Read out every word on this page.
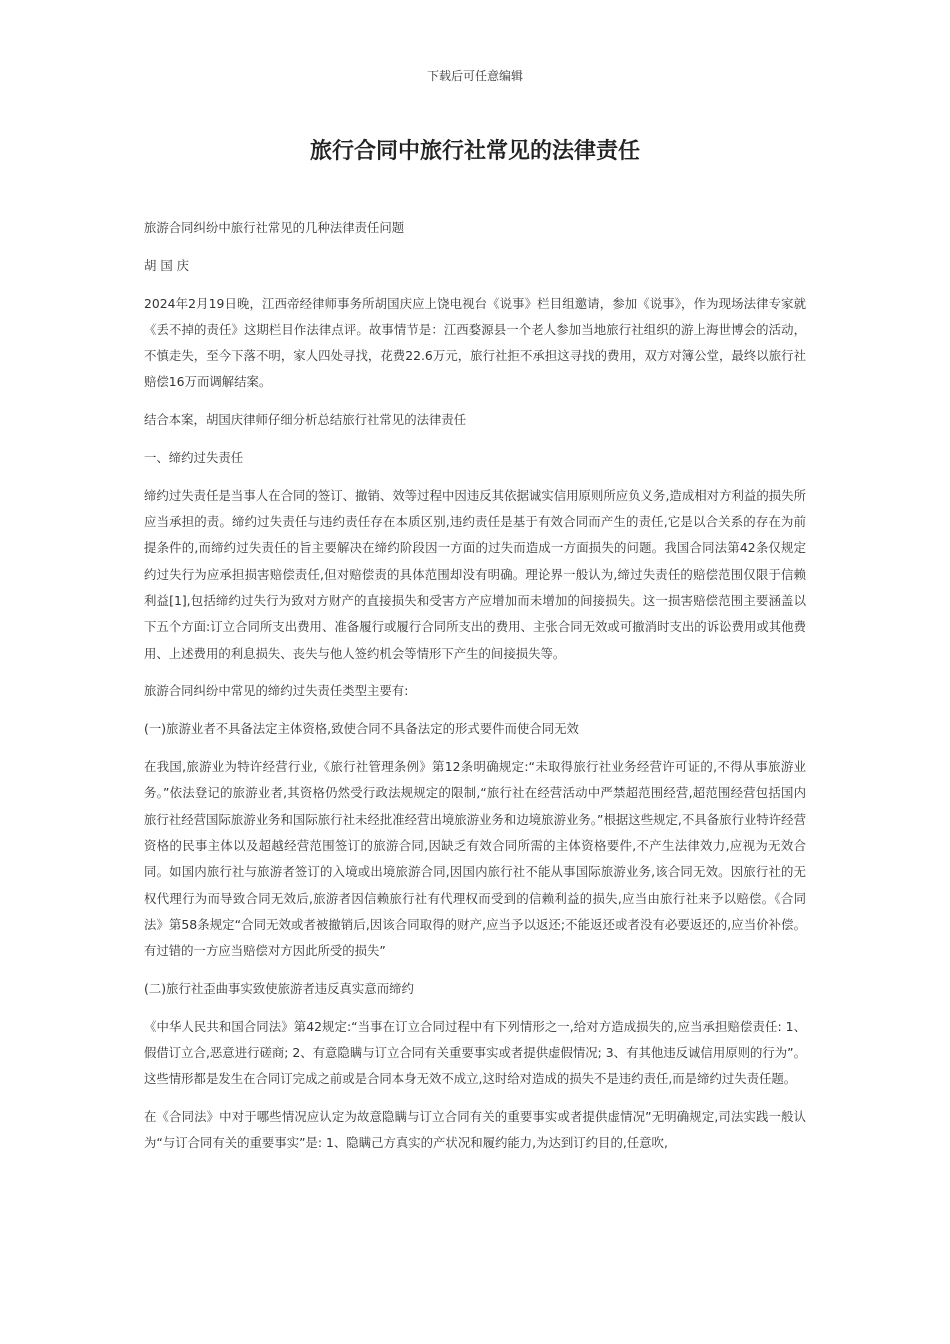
下载后可任意编辑
旅行合同中旅行社常见的法律责任

旅游合同纠纷中旅行社常见的几种法律责任问题

胡 国 庆

2024年2月19日晚，江西帝经律师事务所胡国庆应上饶电视台《说事》栏目组邀请，参加《说事》，作为现场法律专家就《丢不掉的责任》这期栏目作法律点评。故事情节是：江西婺源县一个老人参加当地旅行社组织的游上海世博会的活动，不慎走失，至今下落不明，家人四处寻找，花费22.6万元，旅行社拒不承担这寻找的费用，双方对簿公堂，最终以旅行社赔偿16万而调解结案。

结合本案，胡国庆律师仔细分析总结旅行社常见的法律责任

一、缔约过失责任

缔约过失责任是当事人在合同的签订、撤销、效等过程中因违反其依据诚实信用原则所应负义务,造成相对方利益的损失所应当承担的责。缔约过失责任与违约责任存在本质区别,违约责任是基于有效合同而产生的责任,它是以合关系的存在为前提条件的,而缔约过失责任的旨主要解决在缔约阶段因一方面的过失而造成一方面损失的问题。我国合同法第42条仅规定约过失行为应承担损害赔偿责任,但对赔偿责的具体范围却没有明确。理论界一般认为,缔过失责任的赔偿范围仅限于信赖利益[1],包括缔约过失行为致对方财产的直接损失和受害方产应增加而未增加的间接损失。这一损害赔偿范围主要涵盖以下五个方面:订立合同所支出费用、准备履行或履行合同所支出的费用、主张合同无效或可撤消时支出的诉讼费用或其他费用、上述费用的利息损失、丧失与他人签约机会等情形下产生的间接损失等。

旅游合同纠纷中常见的缔约过失责任类型主要有:

(一)旅游业者不具备法定主体资格,致使合同不具备法定的形式要件而使合同无效

在我国,旅游业为特许经营行业,《旅行社管理条例》第12条明确规定:“未取得旅行社业务经营许可证的,不得从事旅游业务。”依法登记的旅游业者,其资格仍然受行政法规规定的限制,“旅行社在经营活动中严禁超范围经营,超范围经营包括国内旅行社经营国际旅游业务和国际旅行社未经批准经营出境旅游业务和边境旅游业务。”根据这些规定,不具备旅行业特许经营资格的民事主体以及超越经营范围签订的旅游合同,因缺乏有效合同所需的主体资格要件,不产生法律效力,应视为无效合同。如国内旅行社与旅游者签订的入境或出境旅游合同,因国内旅行社不能从事国际旅游业务,该合同无效。因旅行社的无权代理行为而导致合同无效后,旅游者因信赖旅行社有代理权而受到的信赖利益的损失,应当由旅行社来予以赔偿。《合同法》第58条规定“合同无效或者被撤销后,因该合同取得的财产,应当予以返还;不能返还或者没有必要返还的,应当价补偿。有过错的一方应当赔偿对方因此所受的损失”

(二)旅行社歪曲事实致使旅游者违反真实意而缔约

《中华人民共和国合同法》第42规定:“当事在订立合同过程中有下列情形之一,给对方造成损失的,应当承担赔偿责任: 1、假借订立合,恶意进行磋商; 2、有意隐瞒与订立合同有关重要事实或者提供虚假情况; 3、有其他违反诚信用原则的行为”。这些情形都是发生在合同订完成之前或是合同本身无效不成立,这时给对造成的损失不是违约责任,而是缔约过失责任题。

在《合同法》中对于哪些情况应认定为故意隐瞒与订立合同有关的重要事实或者提供虚情况”无明确规定,司法实践一般认为“与订合同有关的重要事实”是: 1、隐瞒己方真实的产状况和履约能力,为达到订约目的,任意吹,
